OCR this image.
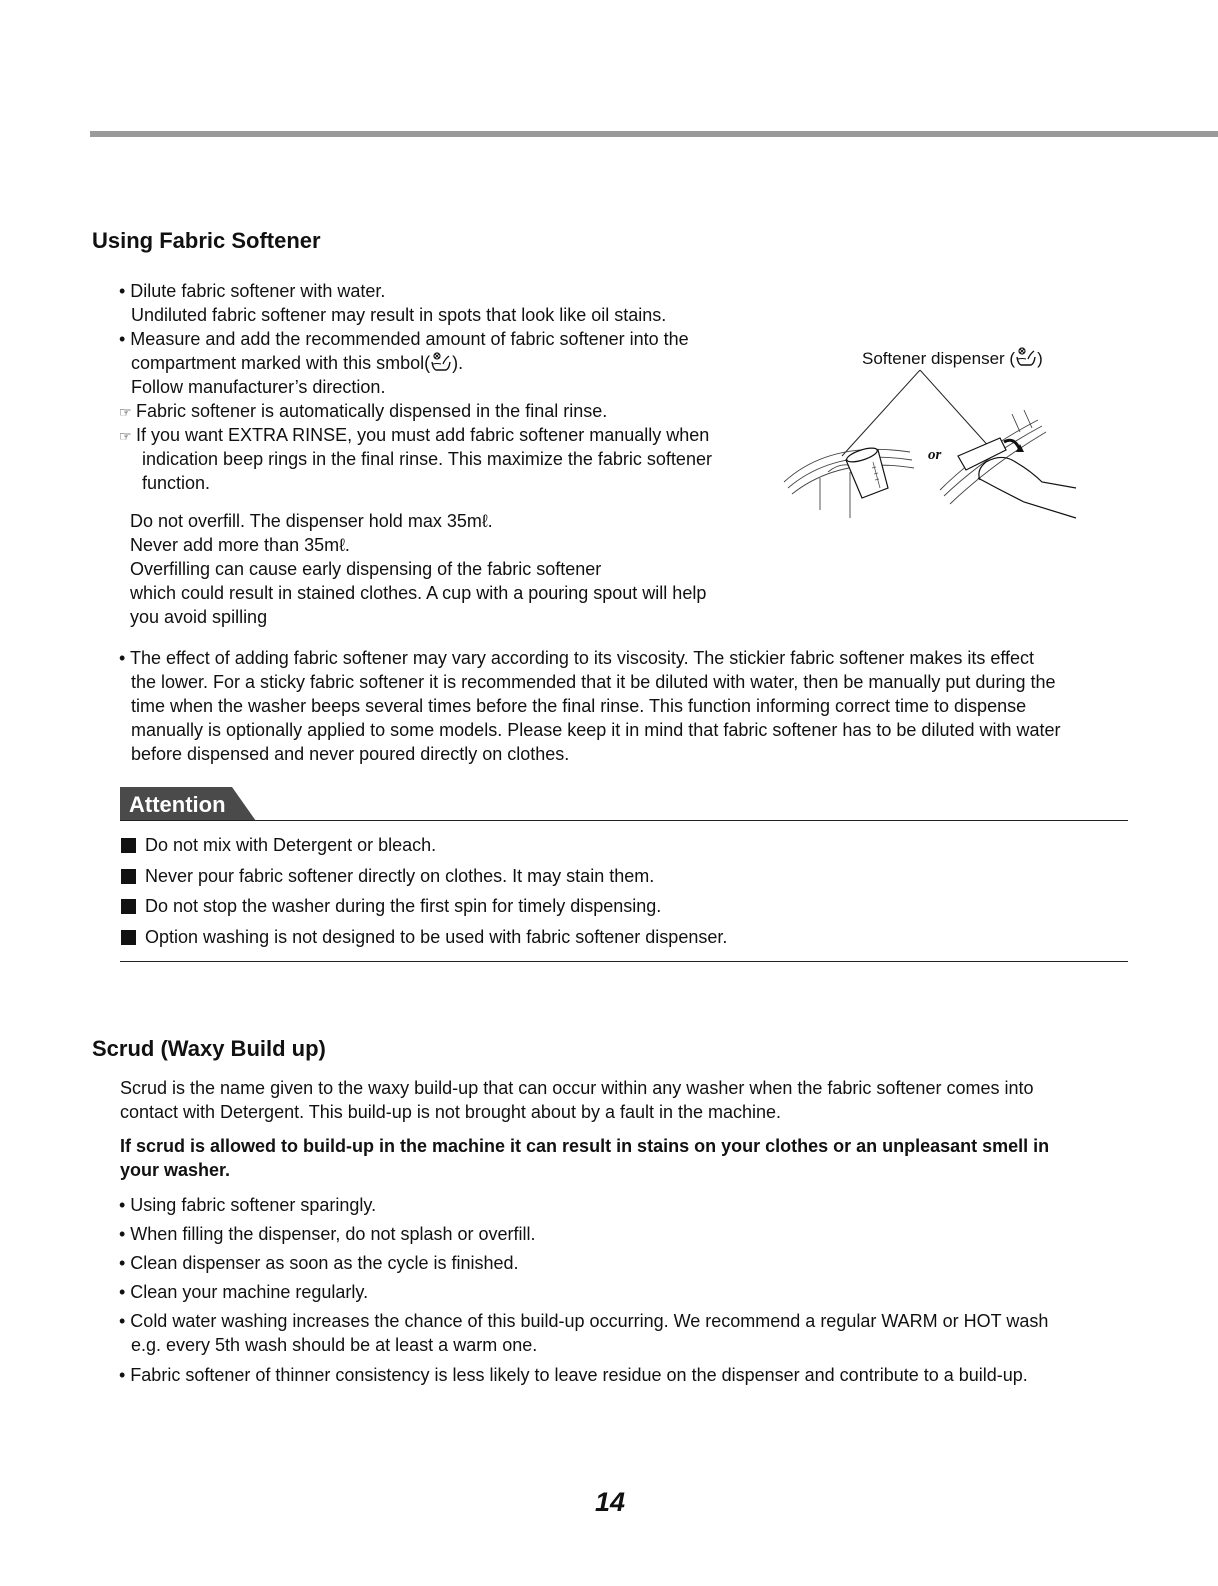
Using Fabric Softener
• Dilute fabric softener with water.
Undiluted fabric softener may result in spots that look like oil stains.
• Measure and add the recommended amount of fabric softener into the
compartment marked with this smbol( ).
Follow manufacturer’s direction.
☞ Fabric softener is automatically dispensed in the final rinse.
☞ If you want EXTRA RINSE, you must add fabric softener manually when
indication beep rings in the final rinse. This maximize the fabric softener
function.
Do not overfill. The dispenser hold max 35mℓ.
Never add more than 35mℓ.
Overfilling can cause early dispensing of the fabric softener
which could result in stained clothes. A cup with a pouring spout will help
you avoid spilling
Softener dispenser ( )
or
• The effect of adding fabric softener may vary according to its viscosity. The stickier fabric softener makes its effect
the lower. For a sticky fabric softener it is recommended that it be diluted with water, then be manually put during the
time when the washer beeps several times before the final rinse. This function informing correct time to dispense
manually is optionally applied to some models. Please keep it in mind that fabric softener has to be diluted with water
before dispensed and never poured directly on clothes.
Attention
Do not mix with Detergent or bleach.
Never pour fabric softener directly on clothes. It may stain them.
Do not stop the washer during the first spin for timely dispensing.
Option washing is not designed to be used with fabric softener dispenser.
Scrud (Waxy Build up)
Scrud is the name given to the waxy build-up that can occur within any washer when the fabric softener comes into
contact with Detergent. This build-up is not brought about by a fault in the machine.
If scrud is allowed to build-up in the machine it can result in stains on your clothes or an unpleasant smell in
your washer.
• Using fabric softener sparingly.
• When filling the dispenser, do not splash or overfill.
• Clean dispenser as soon as the cycle is finished.
• Clean your machine regularly.
• Cold water washing increases the chance of this build-up occurring. We recommend a regular WARM or HOT wash
e.g. every 5th wash should be at least a warm one.
• Fabric softener of thinner consistency is less likely to leave residue on the dispenser and contribute to a build-up.
14
